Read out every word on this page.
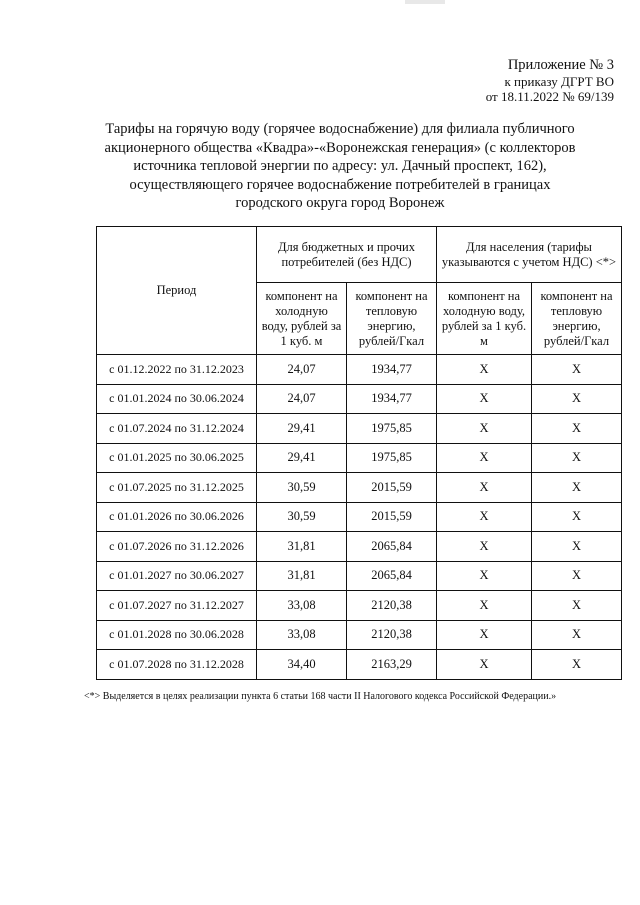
Приложение № 3
к приказу ДГРТ ВО
от 18.11.2022 № 69/139
Тарифы на горячую воду (горячее водоснабжение) для филиала публичного акционерного общества «Квадра»-«Воронежская генерация» (с коллекторов источника тепловой энергии по адресу: ул. Дачный проспект, 162), осуществляющего горячее водоснабжение потребителей в границах городского округа город Воронеж
Период	Для бюджетных и прочих потребителей (без НДС)		Для населения (тарифы указываются с учетом НДС) <*>	
	компонент на холодную воду, рублей за 1 куб. м	компонент на тепловую энергию, рублей/Гкал	компонент на холодную воду, рублей за 1 куб. м	компонент на тепловую энергию, рублей/Гкал
с 01.12.2022 по 31.12.2023	24,07	1934,77	X	X
с 01.01.2024 по 30.06.2024	24,07	1934,77	X	X
с 01.07.2024 по 31.12.2024	29,41	1975,85	X	X
с 01.01.2025 по 30.06.2025	29,41	1975,85	X	X
с 01.07.2025 по 31.12.2025	30,59	2015,59	X	X
с 01.01.2026 по 30.06.2026	30,59	2015,59	X	X
с 01.07.2026 по 31.12.2026	31,81	2065,84	X	X
с 01.01.2027 по 30.06.2027	31,81	2065,84	X	X
с 01.07.2027 по 31.12.2027	33,08	2120,38	X	X
с 01.01.2028 по 30.06.2028	33,08	2120,38	X	X
с 01.07.2028 по 31.12.2028	34,40	2163,29	X	X
<*> Выделяется в целях реализации пункта 6 статьи 168 части II Налогового кодекса Российской Федерации.»
